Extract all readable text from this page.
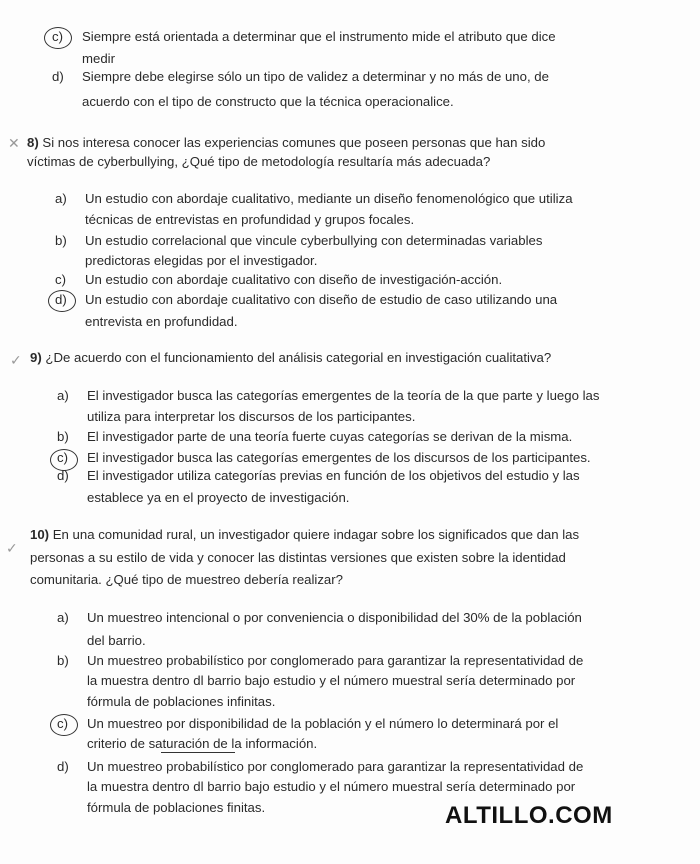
c)	Siempre está orientada a determinar que el instrumento mide el atributo que dice
medir
d)	Siempre debe elegirse sólo un tipo de validez a determinar y no más de uno, de
acuerdo con el tipo de constructo que la técnica operacionalice.
✕ 8) Si nos interesa conocer las experiencias comunes que poseen personas que han sido
víctimas de cyberbullying, ¿Qué tipo de metodología resultaría más adecuada?
a)	Un estudio con abordaje cualitativo, mediante un diseño fenomenológico que utiliza
técnicas de entrevistas en profundidad y grupos focales.
b)	Un estudio correlacional que vincule cyberbullying con determinadas variables
predictoras elegidas por el investigador.
c)	Un estudio con abordaje cualitativo con diseño de investigación-acción.
d)	Un estudio con abordaje cualitativo con diseño de estudio de caso utilizando una
entrevista en profundidad.
✓ 9) ¿De acuerdo con el funcionamiento del análisis categorial en investigación cualitativa?
a)	El investigador busca las categorías emergentes de la teoría de la que parte y luego las
utiliza para interpretar los discursos de los participantes.
b)	El investigador parte de una teoría fuerte cuyas categorías se derivan de la misma.
c)	El investigador busca las categorías emergentes de los discursos de los participantes.
d)	El investigador utiliza categorías previas en función de los objetivos del estudio y las
establece ya en el proyecto de investigación.
✓
10) En una comunidad rural, un investigador quiere indagar sobre los significados que dan las
personas a su estilo de vida y conocer las distintas versiones que existen sobre la identidad
comunitaria. ¿Qué tipo de muestreo debería realizar?
a)	Un muestreo intencional o por conveniencia o disponibilidad del 30% de la población
del barrio.
b)	Un muestreo probabilístico por conglomerado para garantizar la representatividad de
la muestra dentro dl barrio bajo estudio y el número muestral sería determinado por
fórmula de poblaciones infinitas.
c)	Un muestreo por disponibilidad de la población y el número lo determinará por el
criterio de saturación de la información.
d)	Un muestreo probabilístico por conglomerado para garantizar la representatividad de
la muestra dentro dl barrio bajo estudio y el número muestral sería determinado por
fórmula de poblaciones finitas.	ALTILLO.COM
